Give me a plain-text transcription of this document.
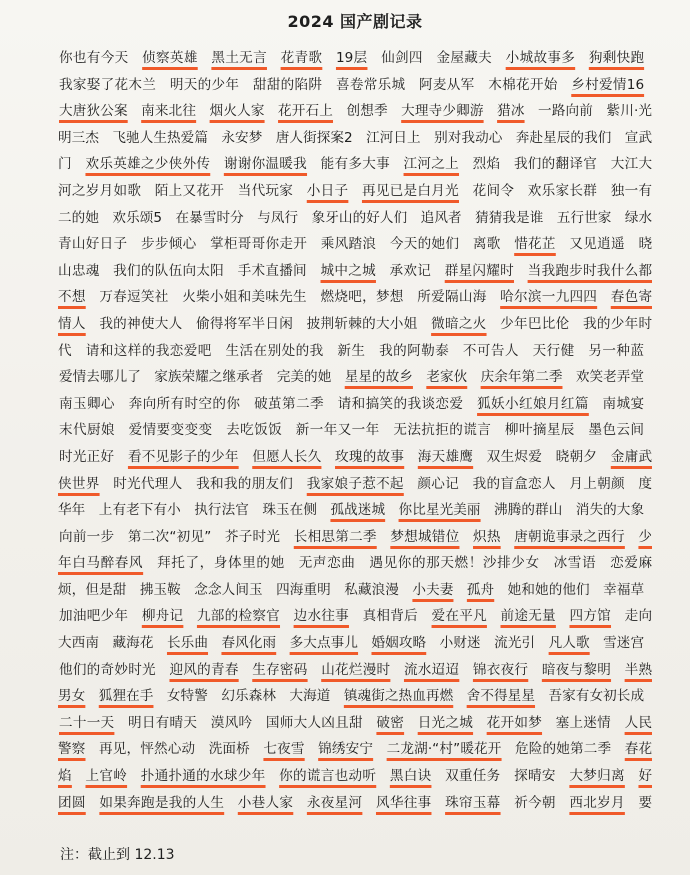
2024 国产剧记录
你也有今天 侦察英雄 黑土无言 花青歌 19层 仙剑四 金屋藏夫 小城故事多 狗剩快跑 我家娶了花木兰 明天的少年 甜甜的陷阱 喜卷常乐城 阿麦从军 木棉花开始 乡村爱情16 大唐狄公案 南来北往 烟火人家 花开石上 创想季 大理寺少卿游 猎冰 一路向前 紫川·光明三杰 飞驰人生热爱篇 永安梦 唐人街探案2 江河日上 别对我动心 奔赴星辰的我们 宣武门 欢乐英雄之少侠外传 谢谢你温暖我 能有多大事 江河之上 烈焰 我们的翻译官 大江大河之岁月如歌 陌上又花开 当代玩家 小日子 再见已是白月光 花间令 欢乐家长群 独一有二的她 欢乐颂5 在暴雪时分 与凤行 象牙山的好人们 追风者 猜猜我是谁 五行世家 绿水青山好日子 步步倾心 掌柜哥哥你走开 乘风踏浪 今天的她们 离歌 惜花芷 又见逍遥 晓山忠魂 我们的队伍向太阳 手术直播间 城中之城 承欢记 群星闪耀时 当我跑步时我什么都不想 万春逗笑社 火柴小姐和美味先生 燃烧吧，梦想 所爱隔山海 哈尔滨一九四四 春色寄情人 我的神使大人 偷得将军半日闲 披荆斩棘的大小姐 微暗之火 少年巴比伦 我的少年时代 请和这样的我恋爱吧 生活在别处的我 新生 我的阿勒泰 不可告人 天行健 另一种蓝 爱情去哪儿了 家族荣耀之继承者 完美的她 星星的故乡 老家伙 庆余年第二季 欢笑老弄堂 南玉卿心 奔向所有时空的你 破茧第二季 请和搞笑的我谈恋爱 狐妖小红娘月红篇 南城宴 末代厨娘 爱情要变变变 去吃饭饭 新一年又一年 无法抗拒的谎言 柳叶摘星辰 墨色云间 时光正好 看不见影子的少年 但愿人长久 玫瑰的故事 海天雄鹰 双生烬爱 晓朝夕 金庸武侠世界 时光代理人 我和我的朋友们 我家娘子惹不起 颜心记 我的盲盒恋人 月上朝颜 度华年 上有老下有小 执行法官 珠玉在侧 孤战迷城 你比星光美丽 沸腾的群山 消失的大象 向前一步 第二次“初见” 芥子时光 长相思第二季 梦想城错位 炽热 唐朝诡事录之西行 少年白马醉春风 拜托了，身体里的她 无声恋曲 遇见你的那天燃！沙排少女 冰雪语 恋爱麻烦，但是甜 拂玉鞍 念念人间玉 四海重明 私藏浪漫 小夫妻 孤舟 她和她的他们 幸福草 加油吧少年 柳舟记 九部的检察官 边水往事 真相背后 爱在平凡 前途无量 四方馆 走向大西南 藏海花 长乐曲 春风化雨 多大点事儿 婚姻攻略 小财迷 流光引 凡人歌 雪迷宫 他们的奇妙时光 迎风的青春 生存密码 山花烂漫时 流水迢迢 锦衣夜行 暗夜与黎明 半熟男女 狐狸在手 女特警 幻乐森林 大海道 镇魂街之热血再燃 舍不得星星 吾家有女初长成 二十一天 明日有晴天 漠风吟 国师大人凶且甜 破密 日光之城 花开如梦 塞上迷情 人民警察 再见，怦然心动 洗面桥 七夜雪 锦绣安宁 二龙湖·“村”暖花开 危险的她第二季 春花焰 上官岭 扑通扑通的水球少年 你的谎言也动听 黑白诀 双重任务 探晴安 大梦归离 好团圆 如果奔跑是我的人生 小巷人家 永夜星河 风华往事 珠帘玉幕 祈今朝 西北岁月 要
注：截止到 12.13
